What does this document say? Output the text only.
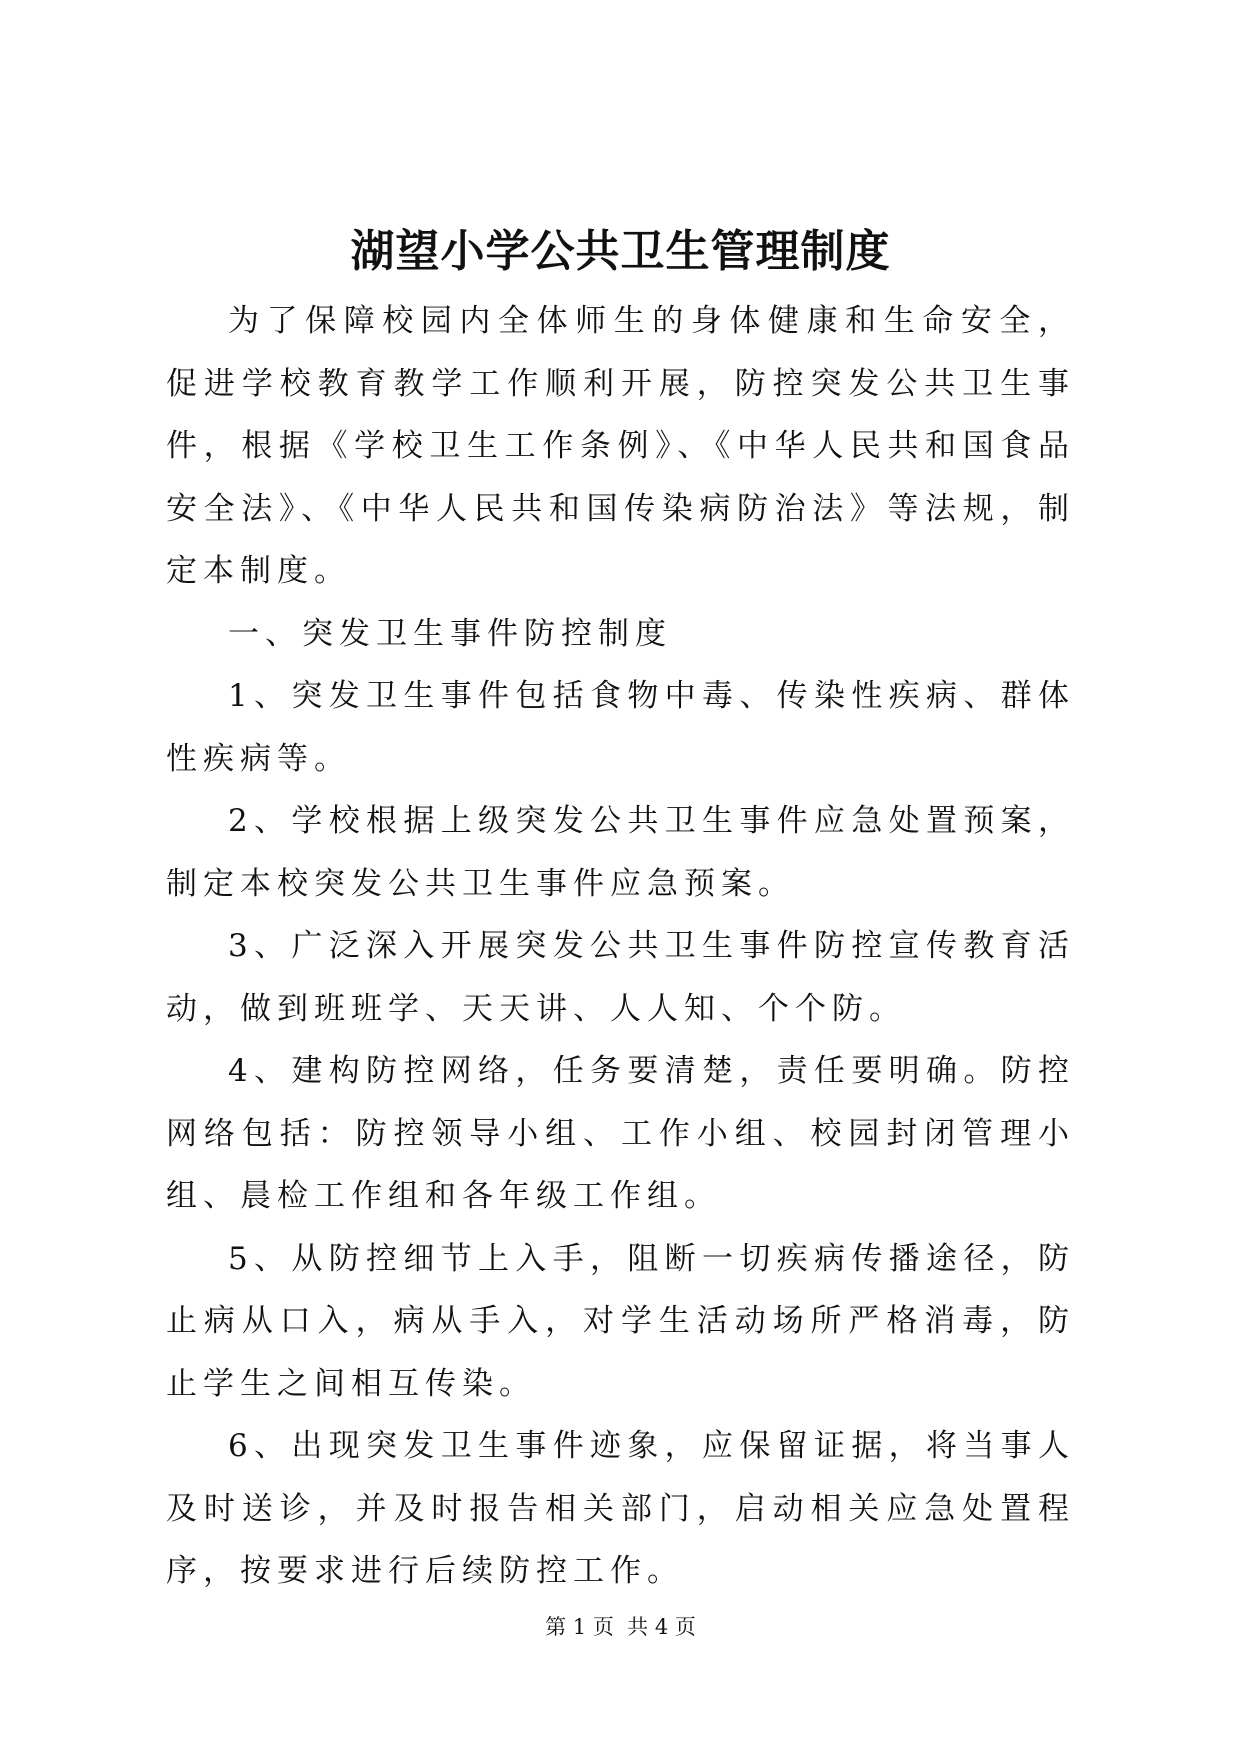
湖望小学公共卫生管理制度

为了保障校园内全体师生的身体健康和生命安全，促进学校教育教学工作顺利开展，防控突发公共卫生事件，根据《学校卫生工作条例》、《中华人民共和国食品安全法》、《中华人民共和国传染病防治法》等法规，制定本制度。

一、突发卫生事件防控制度

1、突发卫生事件包括食物中毒、传染性疾病、群体性疾病等。

2、学校根据上级突发公共卫生事件应急处置预案，制定本校突发公共卫生事件应急预案。

3、广泛深入开展突发公共卫生事件防控宣传教育活动，做到班班学、天天讲、人人知、个个防。

4、建构防控网络，任务要清楚，责任要明确。防控网络包括：防控领导小组、工作小组、校园封闭管理小组、晨检工作组和各年级工作组。

5、从防控细节上入手，阻断一切疾病传播途径，防止病从口入，病从手入，对学生活动场所严格消毒，防止学生之间相互传染。

6、出现突发卫生事件迹象，应保留证据，将当事人及时送诊，并及时报告相关部门，启动相关应急处置程序，按要求进行后续防控工作。

第 1 页  共 4 页
